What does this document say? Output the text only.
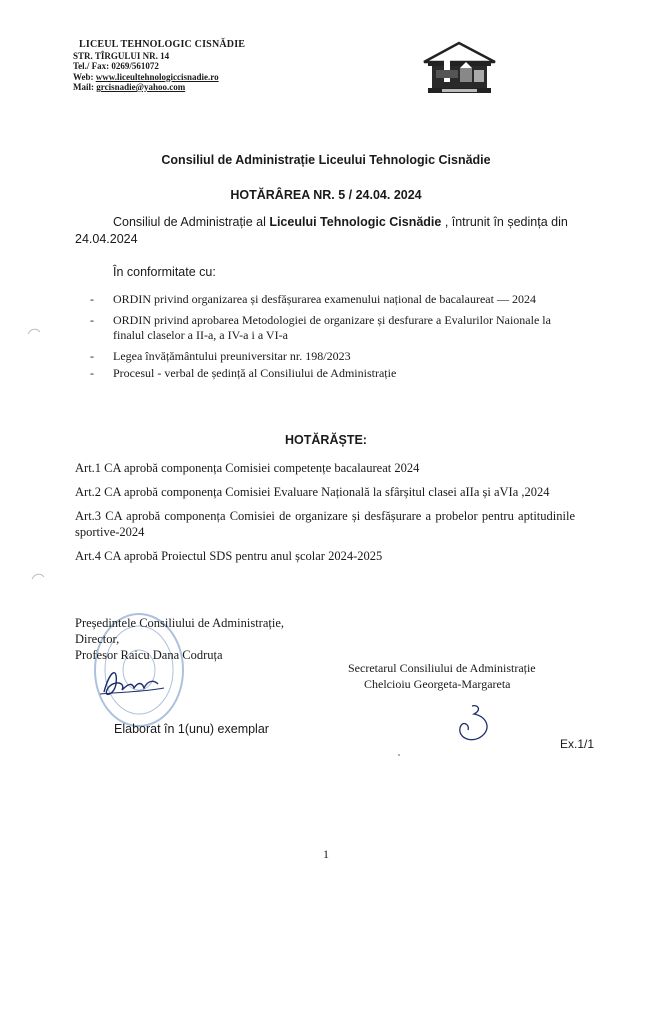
LICEUL TEHNOLOGIC CISNĂDIE
STR. TÎRGULUI NR. 14
Tel./ Fax: 0269/561072
Web: www.liceultehnologiccisnadie.ro
Mail: grcisnadie@yahoo.com
Consiliul de Administrație Liceului Tehnologic Cisnădie
HOTĂRÂREA NR. 5 / 24.04. 2024
Consiliul de Administrație al Liceului Tehnologic Cisnădie , întrunit în ședința din 24.04.2024
În conformitate cu:
- ORDIN privind organizarea și desfășurarea examenului național de bacalaureat — 2024
- ORDIN privind aprobarea Metodologiei de organizare și desfurare a Evalurilor Naionale la finalul claselor a II-a, a IV-a i a VI-a
- Legea învățământului preuniversitar nr. 198/2023
- Procesul - verbal de ședință al Consiliului de Administrație
HOTĂRĂȘTE:

Art.1 CA aprobă componența Comisiei competențe bacalaureat 2024

Art.2 CA aprobă componența Comisiei Evaluare Națională la sfârșitul clasei aIIa și aVIa ,2024

Art.3 CA aprobă componența Comisiei de organizare și desfășurare a probelor pentru aptitudinile sportive-2024

Art.4 CA aprobă Proiectul SDS pentru anul școlar 2024-2025

Președintele Consiliului de Administrație,
Director,
Profesor Raicu Dana Codruța
Secretarul Consiliului de Administrație
Chelcioiu Georgeta-Margareta
Elaborat în 1(unu) exemplar
Ex.1/1
1
